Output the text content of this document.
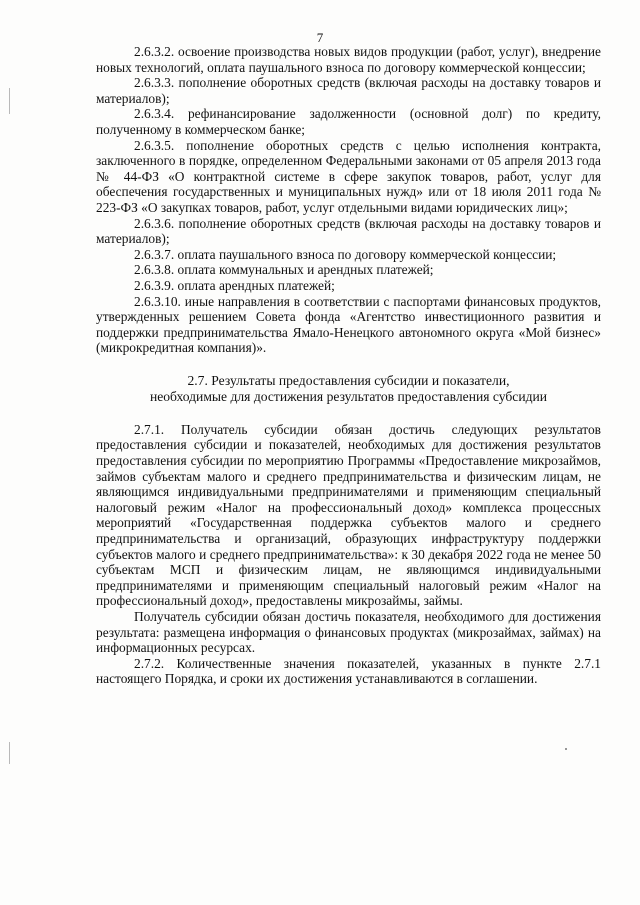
7

2.6.3.2. освоение производства новых видов продукции (работ, услуг), внедрение новых технологий, оплата паушального взноса по договору коммерческой концессии;

2.6.3.3. пополнение оборотных средств (включая расходы на доставку товаров и материалов);

2.6.3.4. рефинансирование задолженности (основной долг) по кредиту, полученному в коммерческом банке;

2.6.3.5. пополнение оборотных средств с целью исполнения контракта, заключенного в порядке, определенном Федеральными законами от 05 апреля 2013 года № 44-ФЗ «О контрактной системе в сфере закупок товаров, работ, услуг для обеспечения государственных и муниципальных нужд» или от 18 июля 2011 года № 223-ФЗ «О закупках товаров, работ, услуг отдельными видами юридических лиц»;

2.6.3.6. пополнение оборотных средств (включая расходы на доставку товаров и материалов);

2.6.3.7. оплата паушального взноса по договору коммерческой концессии;

2.6.3.8. оплата коммунальных и арендных платежей;

2.6.3.9. оплата арендных платежей;

2.6.3.10. иные направления в соответствии с паспортами финансовых продуктов, утвержденных решением Совета фонда «Агентство инвестиционного развития и поддержки предпринимательства Ямало-Ненецкого автономного округа «Мой бизнес» (микрокредитная компания)».

2.7. Результаты предоставления субсидии и показатели,
необходимые для достижения результатов предоставления субсидии

2.7.1. Получатель субсидии обязан достичь следующих результатов предоставления субсидии и показателей, необходимых для достижения результатов предоставления субсидии по мероприятию Программы «Предоставление микрозаймов, займов субъектам малого и среднего предпринимательства и физическим лицам, не являющимся индивидуальными предпринимателями и применяющим специальный налоговый режим «Налог на профессиональный доход» комплекса процессных мероприятий «Государственная поддержка субъектов малого и среднего предпринимательства и организаций, образующих инфраструктуру поддержки субъектов малого и среднего предпринимательства»: к 30 декабря 2022 года не менее 50 субъектам МСП и физическим лицам, не являющимся индивидуальными предпринимателями и применяющим специальный налоговый режим «Налог на профессиональный доход», предоставлены микрозаймы, займы.

Получатель субсидии обязан достичь показателя, необходимого для достижения результата: размещена информация о финансовых продуктах (микрозаймах, займах) на информационных ресурсах.

2.7.2. Количественные значения показателей, указанных в пункте 2.7.1 настоящего Порядка, и сроки их достижения устанавливаются в соглашении.
